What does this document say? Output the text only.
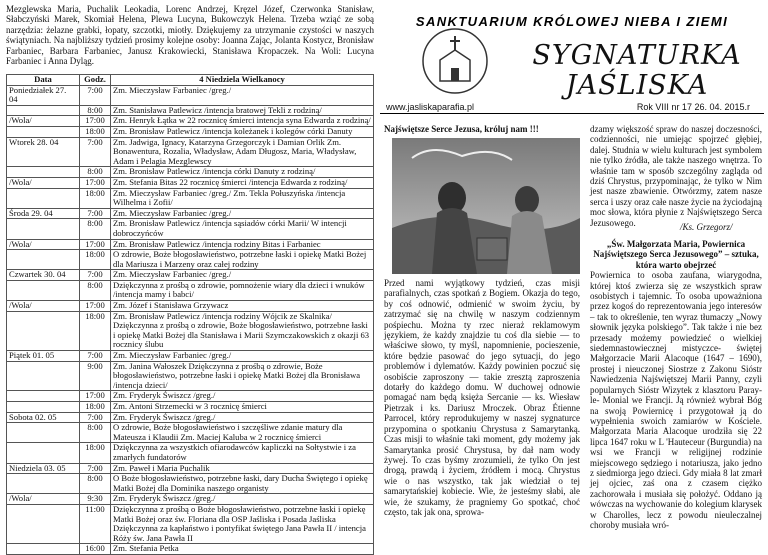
Mezglewska Maria, Puchalik Leokadia, Lorenc Andrzej, Kręzel Józef, Czerwonka Stanisław, Słabczyński Marek, Skomiał Helena, Plewa Lucyna, Bukowczyk Helena. Trzeba wziąć ze sobą narzędzia: żelazne grabki, łopaty, szczotki, miotły. Dziękujemy za utrzymanie czystości w naszych świątyniach. Na najbliższy tydzień prosimy kolejne osoby: Joanna Zając, Jolanta Kostycz, Bronisław Farbaniec, Barbara Farbaniec, Janusz Krakowiecki, Stanisława Kropaczek. Na Woli: Lucyna Farbaniec i Anna Dyląg.
Data	Godz.	4 Niedziela Wielkanocy
Poniedziałek 27. 04	7:00	Zm. Mieczysław Farbaniec /greg./
	8:00	Zm. Stanisława Patlewicz /intencja bratowej Tekli z rodziną/
/Wola/	17:00	Zm. Henryk Łątka w 22 rocznicę śmierci intencja syna Edwarda z rodziną/
	18:00	Zm. Bronisław Patlewicz /intencja koleżanek i kolegów córki Danuty
Wtorek 28. 04	7:00	Zm. Jadwiga, Ignacy, Katarzyna Grzegorczyk i Damian Orlik Zm. Bonawentura, Rozalia, Władysław, Adam Długosz, Maria, Władysław, Adam i Pelagia Mezglewscy
	8:00	Zm. Bronisław Patlewicz /intencja córki Danuty z rodziną/
/Wola/	17:00	Zm. Stefania Bitas 22 rocznicę śmierci /intencja Edwarda z rodziną/
	18:00	Zm. Mieczysław Farbaniec /greg./ Zm. Tekla Połuszyńska /intencja Wilhelma i Zofii/
Środa 29. 04	7:00	Zm. Mieczysław Farbaniec /greg./
	8:00	Zm. Bronisław Patlewicz /intencja sąsiadów córki Marii/ W intencji dobroczyńców
/Wola/	17:00	Zm. Bronisław Patlewicz /intencja rodziny Bitas i Farbaniec
	18:00	O zdrowie, Boże błogosławieństwo, potrzebne łaski i opiekę Matki Bożej dla Mariusza i Marzeny oraz całej rodziny
Czwartek 30. 04	7:00	Zm. Mieczysław Farbaniec /greg./
	8:00	Dziękczynna z prośbą o zdrowie, pomnożenie wiary dla dzieci i wnuków /intencja mamy i babci/
/Wola/	17:00	Zm. Józef i Stanisława Grzywacz
	18:00	Zm. Bronisław Patlewicz /intencja rodziny Wójcik ze Skalnika/ Dziękczynna z prośbą o zdrowie, Boże błogosławieństwo, potrzebne łaski i opiekę Matki Bożej dla Stanisława i Marii Szymczakowskich z okazji 63 rocznicy ślubu
Piątek 01. 05	7:00	Zm. Mieczysław Farbaniec /greg./
	9:00	Zm. Janina Wałoszek Dziękczynna z prośbą o zdrowie, Boże błogosławieństwo, potrzebne łaski i opiekę Matki Bożej dla Bronisława /intencja dzieci/
	17:00	Zm. Fryderyk Świszcz /greg./
	18:00	Zm. Antoni Strzemecki w 3 rocznicę śmierci
Sobota 02. 05	7:00	Zm. Fryderyk Świszcz /greg./
	8:00	O zdrowie, Boże błogosławieństwo i szczęśliwe zdanie matury dla Mateusza i Klaudii Zm. Maciej Kaluba w 2 rocznicę śmierci
	18:00	Dziękczynna za wszystkich ofiarodawców kapliczki na Sołtystwie i za zmarłych fundatorów
Niedziela 03. 05	7:00	Zm. Paweł i Maria Puchalik
	8:00	O Boże błogosławieństwo, potrzebne łaski, dary Ducha Świętego i opiekę Matki Bożej dla Dominika naszego organisty
/Wola/	9:30	Zm. Fryderyk Świszcz /greg./
	11:00	Dziękczynna z prośbą o Boże błogosławieństwo, potrzebne łaski i opiekę Matki Bożej oraz św. Floriana dla OSP Jaśliska i Posada Jaśliska Dziękczynna za kapłaństwo i pontyfikat świętego Jana Pawła II / intencja Róży św. Jana Pawła II
	16:00	Zm. Stefania Petka
SANKTUARIUM KRÓLOWEJ NIEBA I ZIEMI
SYGNATURKA
JAŚLISKA
www.jasliskaparafia.pl	Rok VIII nr 17 26. 04. 2015.r
Najświętsze Serce Jezusa, króluj nam !!!	dzamy większość spraw do naszej doczesności, codzienności, nie umiejąc spojrzeć głębiej, dalej. Studnia w wielu kulturach jest symbolem nie tylko źródła, ale także naszego wnętrza. To właśnie tam w sposób szczególny zagląda od dziś Chrystus, przypominając, że tylko w Nim jest nasze zbawienie. Otwórzmy, zatem nasze serca i uszy oraz całe nasze życie na życiodajną moc słowa, która płynie z Najświętszego Serca Jezusowego.	/Ks. Grzegorz/
Przed nami wyjątkowy tydzień, czas misji parafialnych, czas spotkań z Bogiem. Okazja do tego, by coś odnowić, odmienić w swoim życiu, by zatrzymać się na chwilę w naszym codziennym pośpiechu. Można ty rzec nieraż reklamowym językiem, że każdy znajdzie tu coś dla siebie — to właściwe słowo, ty myśl, napomnienie, pocieszenie, które będzie pasować do jego sytuacji, do jego problemów i dylematów. Każdy powinien poczuć się osobiście zaproszony — takie zresztą zaproszenia dotarły do każdego domu. W duchowej odnowie pomagać nam będą księża Sercanie — ks. Wiesław Pietrzak i ks. Dariusz Mroczek. Obraz Étienne Parrocel, który reprodukujemy w naszej sygnaturce przypomina o spotkaniu Chrystusa z Samarytanką. Czas misji to właśnie taki moment, gdy możemy jak Samarytanka prosić Chrystusa, by dał nam wody żywej. To czas byśmy zrozumieli, że tylko On jest drogą, prawdą i życiem, źródłem i mocą. Chrystus wie o nas wszystko, tak jak wiedział o tej samarytańskiej kobiecie. Wie, że jesteśmy słabi, ale wie, że szukamy, że pragniemy Go spotkać, choć często, tak jak ona, sprowa-
„Św. Małgorzata Maria, Powiernica Najświętszego Serca Jezusowego” – sztuka, która warto obejrzeć
Powiernica to osoba zaufana, wiarygodna, której ktoś zwierza się ze wszystkich spraw osobistych i tajemnic. To osoba upoważniona przez kogoś do reprezentowania jego interesów – tak to określenie, ten wyraz tłumaczy „Nowy słownik języka polskiego”. Tak także i nie bez przesady możemy powiedzieć o wielkiej siedemnastowiecznej mistyczce- świętej Małgorzacie Marii Alacoque (1647 – 1690), prostej i nieuczonej Siostrze z Zakonu Sióstr Nawiedzenia Najświętszej Marii Panny, czyli popularnych Sióstr Wizytek z klasztoru Paray-le- Monial we Francji. Ją również wybrał Bóg na swoją Powiernicę i przygotował ją do wypełnienia swoich zamiarów w Kościele. Małgorzata Maria Alacoque urodziła się 22 lipca 1647 roku w L 'Hauteceur (Burgundia) na wsi we Francji w religijnej rodzinie miejscowego sędziego i notariusza, jako jedno z siedmiorga jego dzieci. Gdy miała 8 lat zmarł jej ojciec, zaś ona z czasem ciężko zachorowała i musiała się położyć. Oddano ją wówczas na wychowanie do kolegium klarysek w Charolles, lecz z powodu nieuleczalnej choroby musiała wró-
